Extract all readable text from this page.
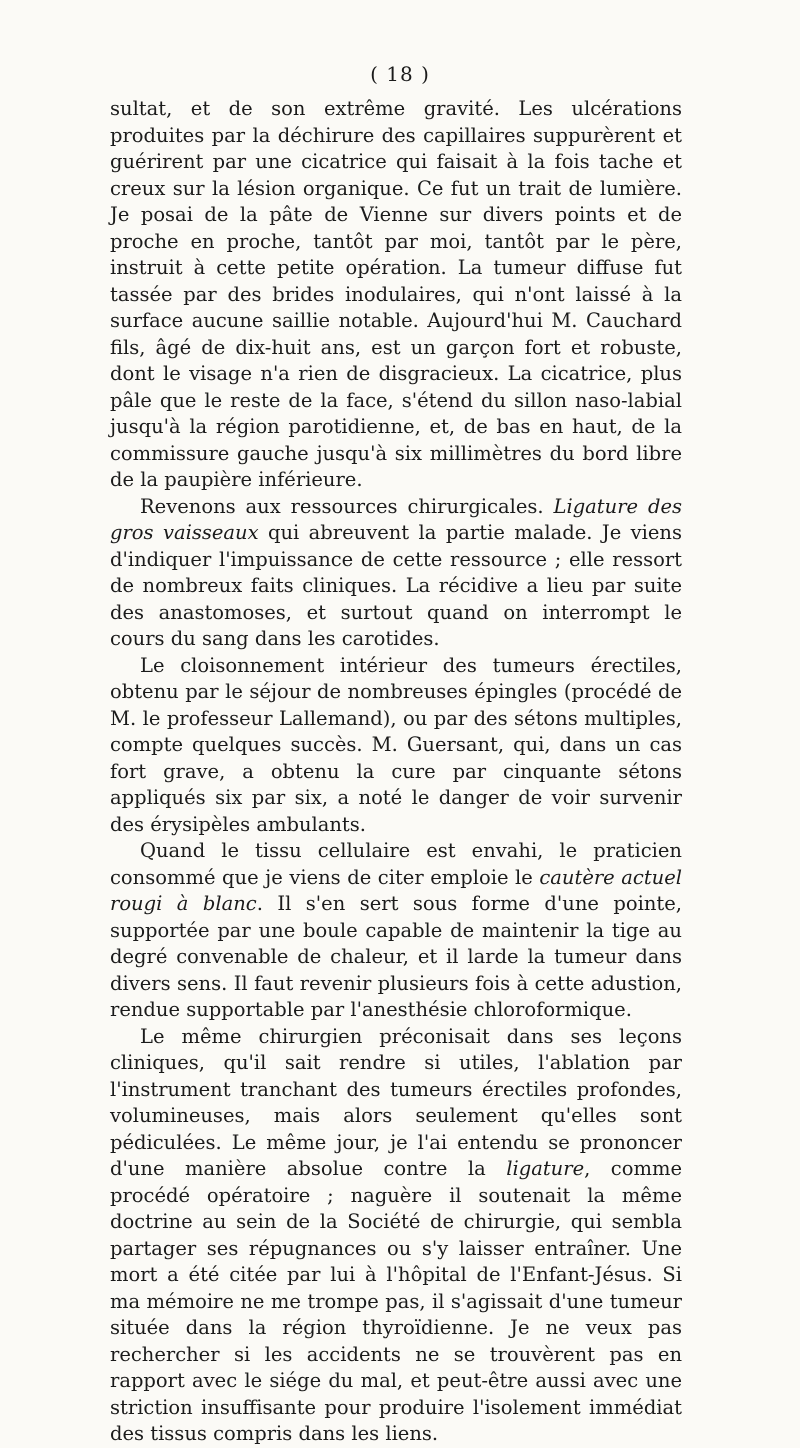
( 18 )

sultat, et de son extrême gravité. Les ulcérations produites par la déchirure des capillaires suppurèrent et guérirent par une cicatrice qui faisait à la fois tache et creux sur la lésion organique. Ce fut un trait de lumière. Je posai de la pâte de Vienne sur divers points et de proche en proche, tantôt par moi, tantôt par le père, instruit à cette petite opération. La tumeur diffuse fut tassée par des brides inodulaires, qui n'ont laissé à la surface aucune saillie notable. Aujourd'hui M. Cauchard fils, âgé de dix-huit ans, est un garçon fort et robuste, dont le visage n'a rien de disgracieux. La cicatrice, plus pâle que le reste de la face, s'étend du sillon naso-labial jusqu'à la région parotidienne, et, de bas en haut, de la commissure gauche jusqu'à six millimètres du bord libre de la paupière inférieure.

Revenons aux ressources chirurgicales. Ligature des gros vaisseaux qui abreuvent la partie malade. Je viens d'indiquer l'impuissance de cette ressource ; elle ressort de nombreux faits cliniques. La récidive a lieu par suite des anastomoses, et surtout quand on interrompt le cours du sang dans les carotides.

Le cloisonnement intérieur des tumeurs érectiles, obtenu par le séjour de nombreuses épingles (procédé de M. le professeur Lallemand), ou par des sétons multiples, compte quelques succès. M. Guersant, qui, dans un cas fort grave, a obtenu la cure par cinquante sétons appliqués six par six, a noté le danger de voir survenir des érysipèles ambulants.

Quand le tissu cellulaire est envahi, le praticien consommé que je viens de citer emploie le cautère actuel rougi à blanc. Il s'en sert sous forme d'une pointe, supportée par une boule capable de maintenir la tige au degré convenable de chaleur, et il larde la tumeur dans divers sens. Il faut revenir plusieurs fois à cette adustion, rendue supportable par l'anesthésie chloroformique.

Le même chirurgien préconisait dans ses leçons cliniques, qu'il sait rendre si utiles, l'ablation par l'instrument tranchant des tumeurs érectiles profondes, volumineuses, mais alors seulement qu'elles sont pédiculées. Le même jour, je l'ai entendu se prononcer d'une manière absolue contre la ligature, comme procédé opératoire ; naguère il soutenait la même doctrine au sein de la Société de chirurgie, qui sembla partager ses répugnances ou s'y laisser entraîner. Une mort a été citée par lui à l'hôpital de l'Enfant-Jésus. Si ma mémoire ne me trompe pas, il s'agissait d'une tumeur située dans la région thyroïdienne. Je ne veux pas rechercher si les accidents ne se trouvèrent pas en rapport avec le siége du mal, et peut-être aussi avec une striction insuffisante pour produire l'isolement immédiat des tissus compris dans les liens.
